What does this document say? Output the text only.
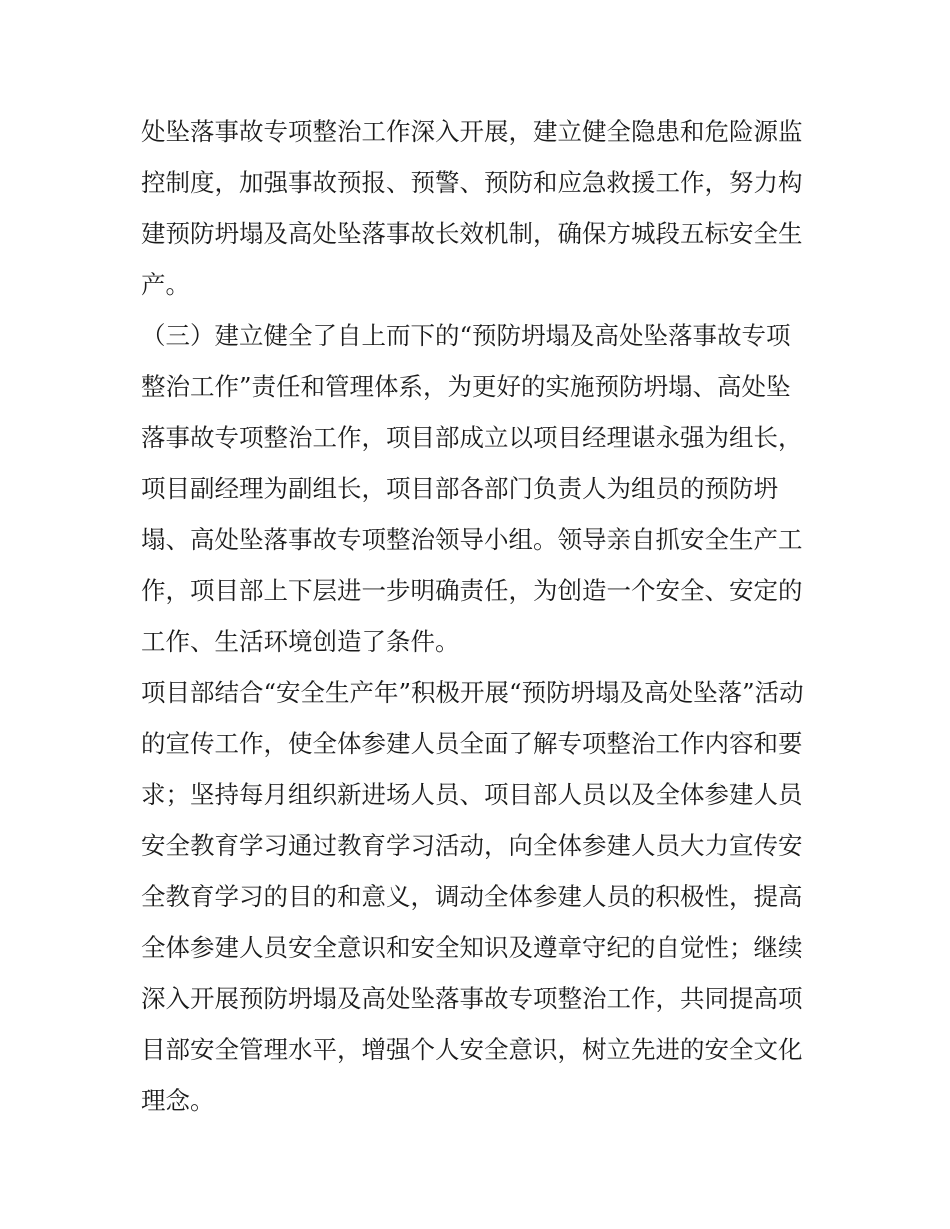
处坠落事故专项整治工作深入开展，建立健全隐患和危险源监
控制度，加强事故预报、预警、预防和应急救援工作，努力构
建预防坍塌及高处坠落事故长效机制，确保方城段五标安全生
产。

（三）建立健全了自上而下的“预防坍塌及高处坠落事故专项
整治工作”责任和管理体系，为更好的实施预防坍塌、高处坠
落事故专项整治工作，项目部成立以项目经理谌永强为组长，
项目副经理为副组长，项目部各部门负责人为组员的预防坍
塌、高处坠落事故专项整治领导小组。领导亲自抓安全生产工
作，项目部上下层进一步明确责任，为创造一个安全、安定的
工作、生活环境创造了条件。

项目部结合“安全生产年”积极开展“预防坍塌及高处坠落”活动
的宣传工作，使全体参建人员全面了解专项整治工作内容和要
求；坚持每月组织新进场人员、项目部人员以及全体参建人员
安全教育学习通过教育学习活动，向全体参建人员大力宣传安
全教育学习的目的和意义，调动全体参建人员的积极性，提高
全体参建人员安全意识和安全知识及遵章守纪的自觉性；继续
深入开展预防坍塌及高处坠落事故专项整治工作，共同提高项
目部安全管理水平，增强个人安全意识，树立先进的安全文化
理念。
